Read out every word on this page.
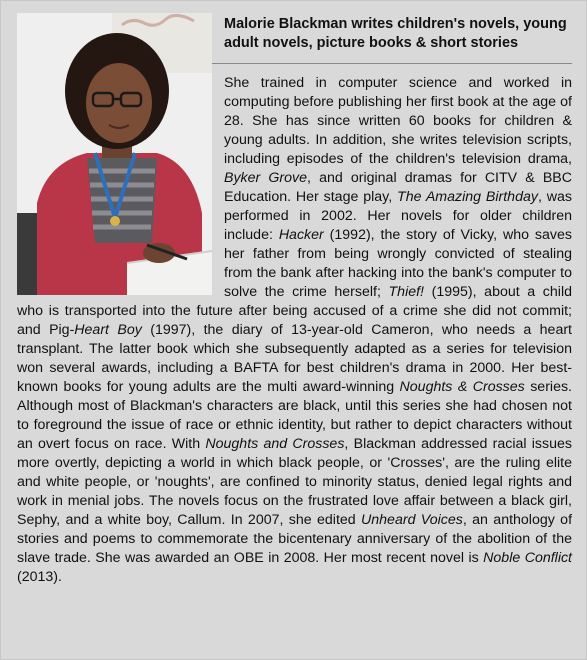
Malorie Blackman writes children's novels, young adult novels, picture books & short stories
She trained in computer science and worked in computing before publishing her first book at the age of 28. She has since written 60 books for children & young adults. In addition, she writes television scripts, including episodes of the children's television drama, Byker Grove, and original dramas for CITV & BBC Education. Her stage play, The Amazing Birthday, was performed in 2002. Her novels for older children include: Hacker (1992), the story of Vicky, who saves her father from being wrongly convicted of stealing from the bank after hacking into the bank's computer to solve the crime herself; Thief! (1995), about a child who is transported into the future after being accused of a crime she did not commit; and Pig-Heart Boy (1997), the diary of 13-year-old Cameron, who needs a heart transplant. The latter book which she subsequently adapted as a series for television won several awards, including a BAFTA for best children's drama in 2000. Her best-known books for young adults are the multi award-winning Noughts & Crosses series. Although most of Blackman's characters are black, until this series she had chosen not to foreground the issue of race or ethnic identity, but rather to depict characters without an overt focus on race. With Noughts and Crosses, Blackman addressed racial issues more overtly, depicting a world in which black people, or 'Crosses', are the ruling elite and white people, or 'noughts', are confined to minority status, denied legal rights and work in menial jobs. The novels focus on the frustrated love affair between a black girl, Sephy, and a white boy, Callum. In 2007, she edited Unheard Voices, an anthology of stories and poems to commemorate the bicentenary anniversary of the abolition of the slave trade. She was awarded an OBE in 2008. Her most recent novel is Noble Conflict (2013).
